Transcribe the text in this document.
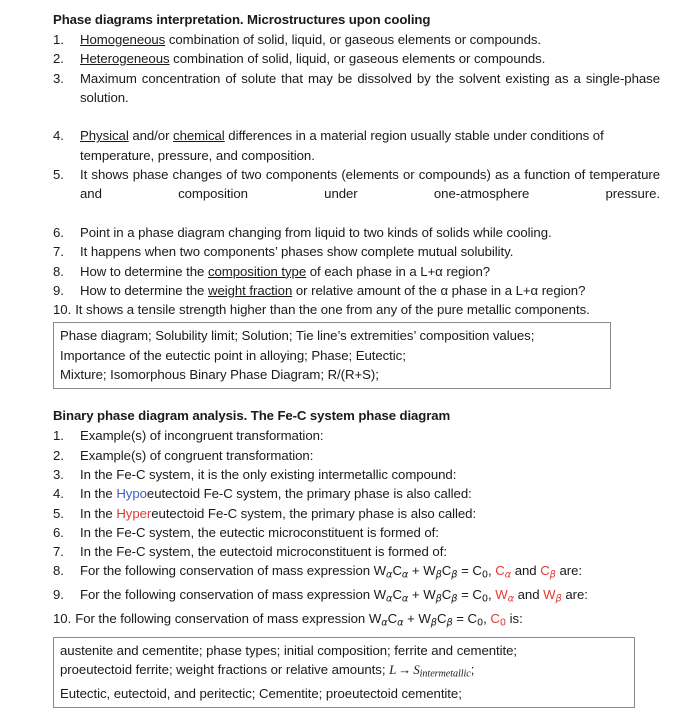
Phase diagrams interpretation. Microstructures upon cooling
1.	Homogeneous combination of solid, liquid, or gaseous elements or compounds.
2.	Heterogeneous combination of solid, liquid, or gaseous elements or compounds.
3.	Maximum concentration of solute that may be dissolved by the solvent existing as a single-phase solution.
4.	Physical and/or chemical differences in a material region usually stable under conditions of temperature, pressure, and composition.
5.	It shows phase changes of two components (elements or compounds) as a function of temperature and composition under one-atmosphere pressure.
6.	Point in a phase diagram changing from liquid to two kinds of solids while cooling.
7.	It happens when two components’ phases show complete mutual solubility.
8.	How to determine the composition type of each phase in a L+α region?
9.	How to determine the weight fraction or relative amount of the α phase in a L+α region?
10. It shows a tensile strength higher than the one from any of the pure metallic components.
Phase diagram; Solubility limit; Solution; Tie line’s extremities’ composition values;
Importance of the eutectic point in alloying; Phase; Eutectic;
Mixture; Isomorphous Binary Phase Diagram; R/(R+S);
Binary phase diagram analysis. The Fe-C system phase diagram
1.	Example(s) of incongruent transformation:
2.	Example(s) of congruent transformation:
3.	In the Fe-C system, it is the only existing intermetallic compound:
4.	In the Hypoeutectoid Fe-C system, the primary phase is also called:
5.	In the Hypereutectoid Fe-C system, the primary phase is also called:
6.	In the Fe-C system, the eutectic microconstituent is formed of:
7.	In the Fe-C system, the eutectoid microconstituent is formed of:
8.	For the following conservation of mass expression $W_\alpha C_\alpha + W_\beta C_\beta = C_0$, $C_\alpha$ and $C_\beta$ are:
9.	For the following conservation of mass expression $W_\alpha C_\alpha + W_\beta C_\beta = C_0$, $W_\alpha$ and $W_\beta$ are:
10. For the following conservation of mass expression $W_\alpha C_\alpha + W_\beta C_\beta = C_0$, $C_0$ is:
austenite and cementite; phase types; initial composition; ferrite and cementite;
proeutectoid ferrite; weight fractions or relative amounts; L → Sintermetallic;
Eutectic, eutectoid, and peritectic; Cementite; proeutectoid cementite;
